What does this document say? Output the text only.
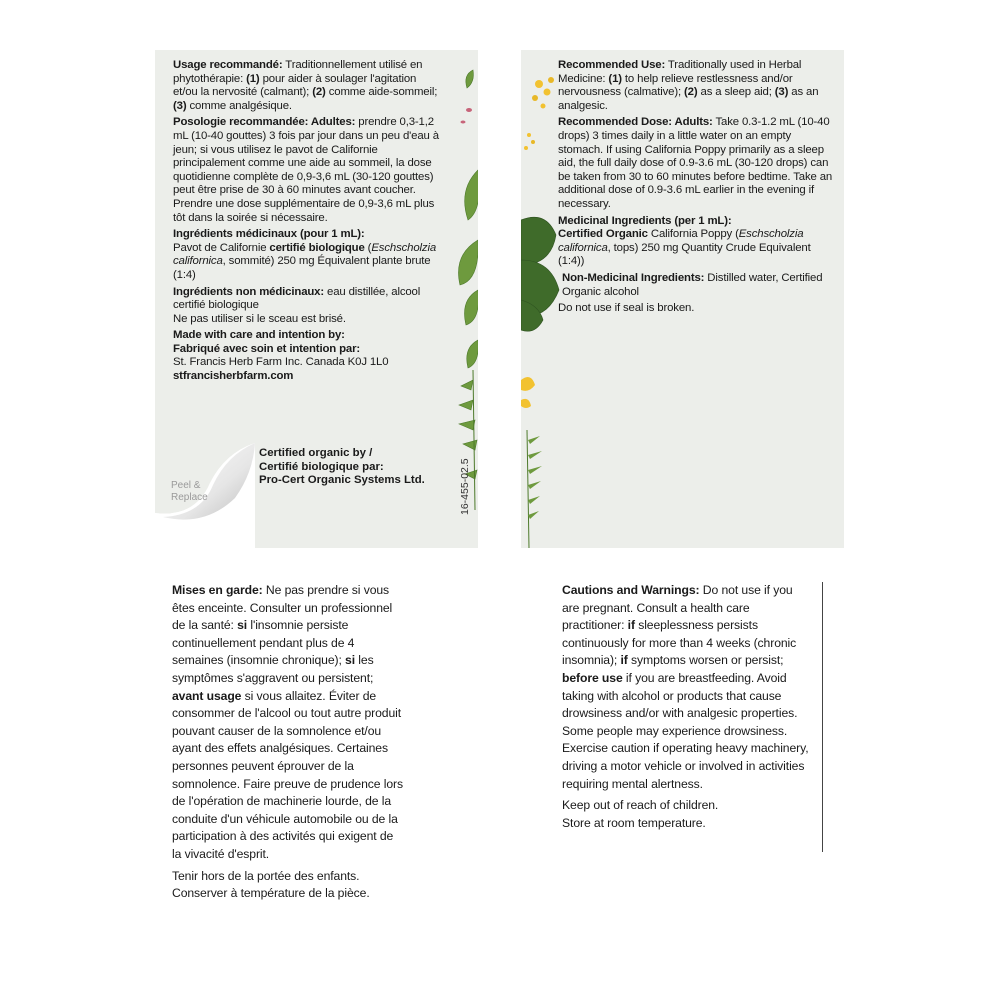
Usage recommandé: Traditionnellement utilisé en phytothérapie: (1) pour aider à soulager l'agitation et/ou la nervosité (calmant); (2) comme aide-sommeil; (3) comme analgésique.

Posologie recommandée: Adultes: prendre 0,3-1,2 mL (10-40 gouttes) 3 fois par jour dans un peu d'eau à jeun; si vous utilisez le pavot de Californie principalement comme une aide au sommeil, la dose quotidienne complète de 0,9-3,6 mL (30-120 gouttes) peut être prise de 30 à 60 minutes avant coucher. Prendre une dose supplémentaire de 0,9-3,6 mL plus tôt dans la soirée si nécessaire.

Ingrédients médicinaux (pour 1 mL):
Pavot de Californie certifié biologique (Eschscholzia californica, sommité) 250 mg Équivalent plante brute (1:4)

Ingrédients non médicinaux: eau distillée, alcool certifié biologique

Ne pas utiliser si le sceau est brisé.

Made with care and intention by:
Fabriqué avec soin et intention par:
St. Francis Herb Farm Inc. Canada K0J 1L0
stfrancisherbfarm.com

Peel &
Replace
Certified organic by /
Certifié biologique par:
Pro-Cert Organic Systems Ltd.	16-455-02.5

Recommended Use: Traditionally used in Herbal Medicine: (1) to help relieve restlessness and/or nervousness (calmative); (2) as a sleep aid; (3) as an analgesic.

Recommended Dose: Adults: Take 0.3-1.2 mL (10-40 drops) 3 times daily in a little water on an empty stomach. If using California Poppy primarily as a sleep aid, the full daily dose of 0.9-3.6 mL (30-120 drops) can be taken from 30 to 60 minutes before bedtime. Take an additional dose of 0.9-3.6 mL earlier in the evening if necessary.

Medicinal Ingredients (per 1 mL):
Certified Organic California Poppy (Eschscholzia californica, tops) 250 mg Quantity Crude Equivalent (1:4))

Non-Medicinal Ingredients: Distilled water, Certified Organic alcohol

Do not use if seal is broken.

Mises en garde: Ne pas prendre si vous êtes enceinte. Consulter un professionnel de la santé: si l'insomnie persiste continuellement pendant plus de 4 semaines (insomnie chronique); si les symptômes s'aggravent ou persistent; avant usage si vous allaitez. Éviter de consommer de l'alcool ou tout autre produit pouvant causer de la somnolence et/ou ayant des effets analgésiques. Certaines personnes peuvent éprouver de la somnolence. Faire preuve de prudence lors de l'opération de machinerie lourde, de la conduite d'un véhicule automobile ou de la participation à des activités qui exigent de la vivacité d'esprit.

Tenir hors de la portée des enfants.
Conserver à température de la pièce.

Cautions and Warnings: Do not use if you are pregnant. Consult a health care practitioner: if sleeplessness persists continuously for more than 4 weeks (chronic insomnia); if symptoms worsen or persist; before use if you are breastfeeding. Avoid taking with alcohol or products that cause drowsiness and/or with analgesic properties. Some people may experience drowsiness. Exercise caution if operating heavy machinery, driving a motor vehicle or involved in activities requiring mental alertness.

Keep out of reach of children.
Store at room temperature.
